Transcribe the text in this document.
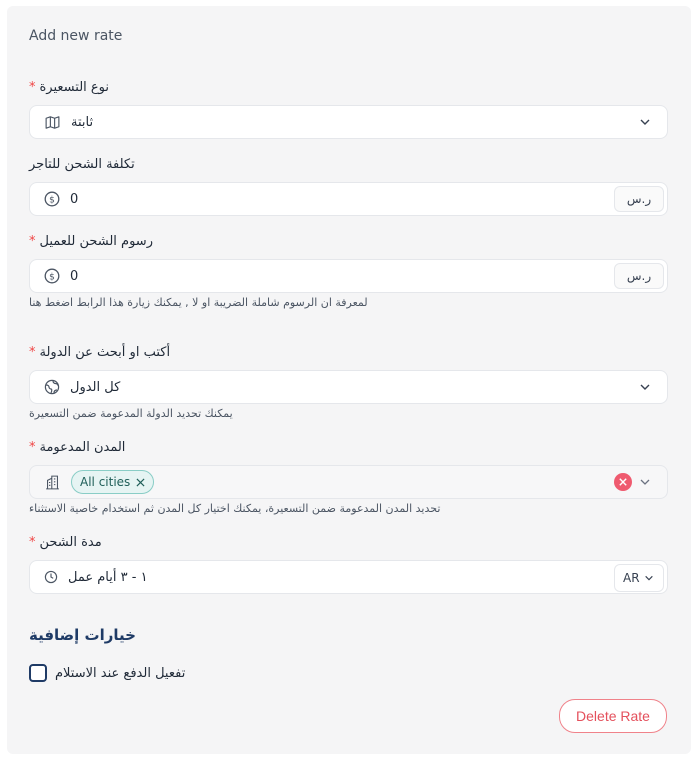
Add new rate
نوع التسعيرة
*
ثابتة
تكلفة الشحن للتاجر
$ 0	ر.س
رسوم الشحن للعميل
*
$ 0	ر.س
لمعرفة ان الرسوم شاملة الضريبة او لا , يمكنك زيارة هذا الرابط اضغط هنا
أكتب او أبحث عن الدولة
*
كل الدول
يمكنك تحديد الدولة المدعومة ضمن التسعيرة
المدن المدعومة
*
All cities
تحديد المدن المدعومة ضمن التسعيرة، يمكنك اختيار كل المدن ثم استخدام خاصية الاستثناء
مدة الشحن
*
١ - ٣ أيام عمل	AR
خيارات إضافية
تفعيل الدفع عند الاستلام
Delete Rate
